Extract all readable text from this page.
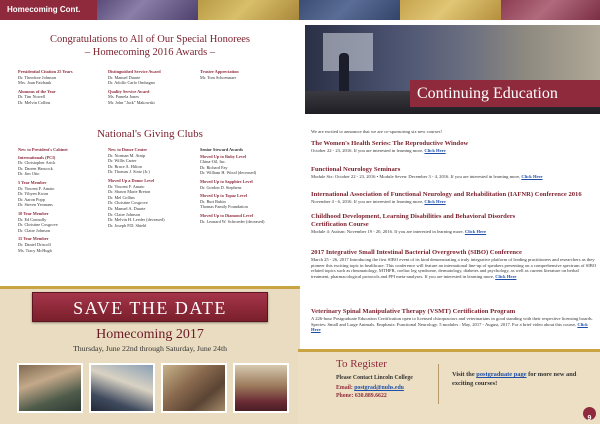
Homecoming Cont.
Congratulations to All of Our Special Honorees
– Homecoming 2016 Awards –
Presidential Citation 25 Years
Dr. Theodore Johnson
Mrs. Joan Fairbank
Alumnus of the Year
Dr. Tim Nowell
Dr. Melvin Collins
Distinguished Service Award
Dr. Manuel Duarte
Dr. Adolfo Carlo Ombagno
Quality Service Award
Ms. Pamela Jones
Mr. John "Jack" Makowski
Trustee Appreciation
Mr. Tom Schoenauer
National's Giving Clubs
New to President's Cabinet
Internationals (PCI)
Dr. Christopher Arick
Dr. Darren Hancock
Dr. Jim Otto
5 Year Member
Dr. Vincent F. Amato
Dr. Yibyen Kwon
Dr. Aaron Popp
Dr. Steven Yeomans
10 Year Member
Dr. Ed Connolly
Dr. Christine Cosgrove
Dr. Claire Johnson
15 Year Member
Dr. Daniel Driscoll
Ms. Tracy McHugh
New to Donor Center
Dr. Norman M. Atnip
Dr. Willis Carter
Dr. Bruce A. Hilton
Dr. Thomas J. Stotz (Jr.)
Moved Up a Donor Level
Dr. Vincent F. Amato
Dr. Shawn Marie Breton
Dr. Mel Collins
Dr. Christine Cosgrove
Dr. Manuel A. Duarte
Dr. Claire Johnson
Dr. Melvin H. Leeder (deceased)
Dr. Joseph P.D. Shiehl
Senior Steward Awards
Moved Up to Ruby Level
China-Oil, Inc.
Dr. Richard Fay
Dr. William H. Wood (deceased)
Moved Up to Sapphire Level
Dr. Gordon D. Stephens
Moved Up to Topaz Level
Dr. Burt Rubin
Thomas Family Foundation
Moved Up to Diamond Level
Dr. Leonard W. Schroeder (deceased)
SAVE THE DATE
Homecoming 2017
Thursday, June 22nd through Saturday, June 24th
Continuing Education

We are excited to announce that we are co-sponsoring six new courses!

The Women's Health Series: The Reproductive Window

October 22 - 23, 2016. If you are interested in learning more, Click Here

Functional Neurology Seminars

Module Six: October 22 - 23, 2016 • Module Seven: December 3 - 4, 2016. If you are interested in learning more, Click Here

International Association of Functional Neurology and Rehabilitation (IAFNR) Conference 2016

November 4 - 6, 2016. If you are interested in learning more, Click Here

Childhood Development, Learning Disabilities and Behavioral Disorders Certification Course

Module 4: Autism: November 19 - 20, 2016. If you are interested in learning more, Click Here

2017 Integrative Small Intestinal Bacterial Overgrowth (SIBO) Conference

March 25 - 26, 2017 Introducing the first SIBO event of its kind demonstrating a truly integrative platform of leading practitioners and researchers as they pioneer this exciting topic in healthcare. This conference will feature an international line-up of speakers presenting on a comprehensive spectrum of SIBO related topics such as rheumatology, MTHFR, coeliac leg syndrome, dermatology, diabetes and psychology, as well as current literature on herbal treatment, pharmacological protocols and PPI meta-analyses. If you are interested in learning more, Click Here

Veterinary Spinal Manipulative Therapy (VSMT) Certification Program

A 226-hour Postgraduate Education Certification open to licensed chiropractors and veterinarians in good standing with their respective licensing boards. Species: Small and Large Animals. Emphasis: Functional Neurology. 5 modules : May, 2017 - August, 2017. For a brief video about this course, Click Here

To Register
Please Contact Lincoln College
Email: postgrad@nuhs.edu
Phone: 630.889.6622
Visit the postgraduate page for more new and exciting courses!
9
